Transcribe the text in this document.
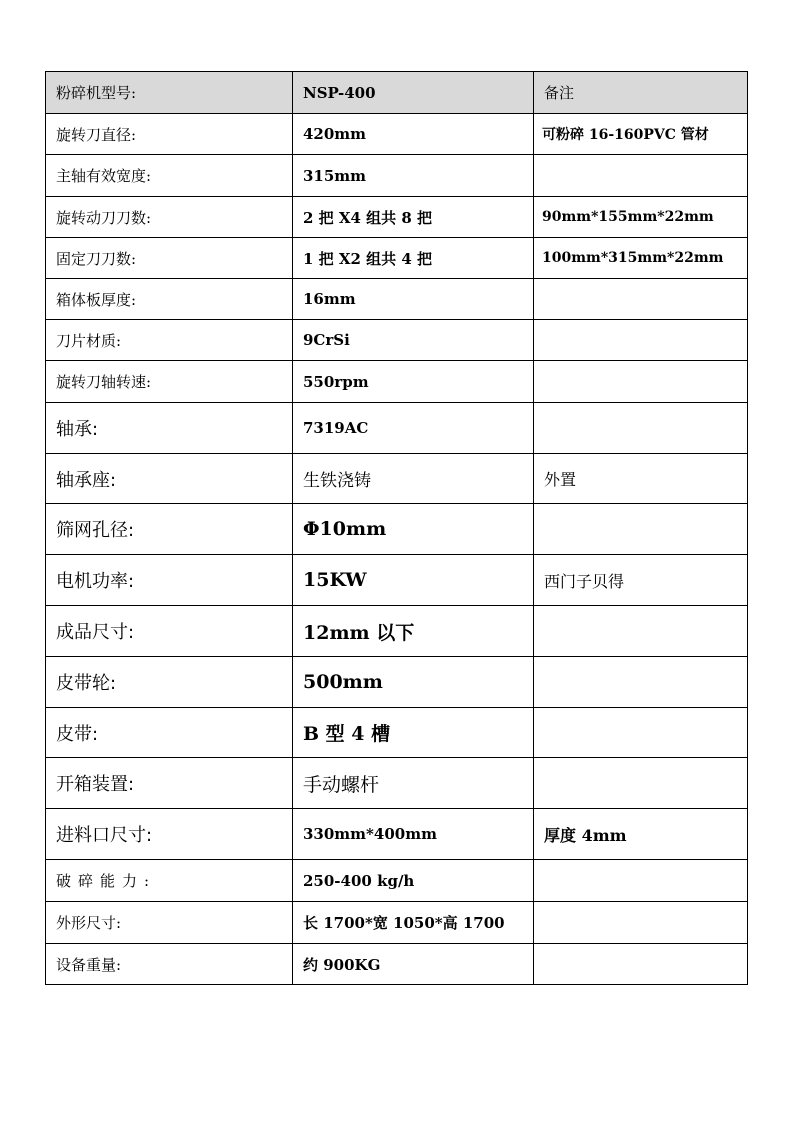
粉碎机型号:	NSP-400	备注
旋转刀直径:	420mm	可粉碎 16-160PVC 管材
主轴有效宽度:	315mm	
旋转动刀刀数:	2 把 X4 组共 8 把	90mm*155mm*22mm
固定刀刀数:	1 把 X2 组共 4 把	100mm*315mm*22mm
箱体板厚度:	16mm	
刀片材质:	9CrSi	
旋转刀轴转速:	550rpm	
轴承:	7319AC	
轴承座:	生铁浇铸	外置
筛网孔径:	Φ10mm	
电机功率:	15KW	西门子贝得
成品尺寸:	12mm 以下	
皮带轮:	500mm	
皮带:	B 型 4 槽	
开箱装置:	手动螺杆	
进料口尺寸:	330mm*400mm	厚度 4mm
破碎能力:	250-400 kg/h	
外形尺寸:	长 1700*宽 1050*高 1700	
设备重量:	约 900KG	
